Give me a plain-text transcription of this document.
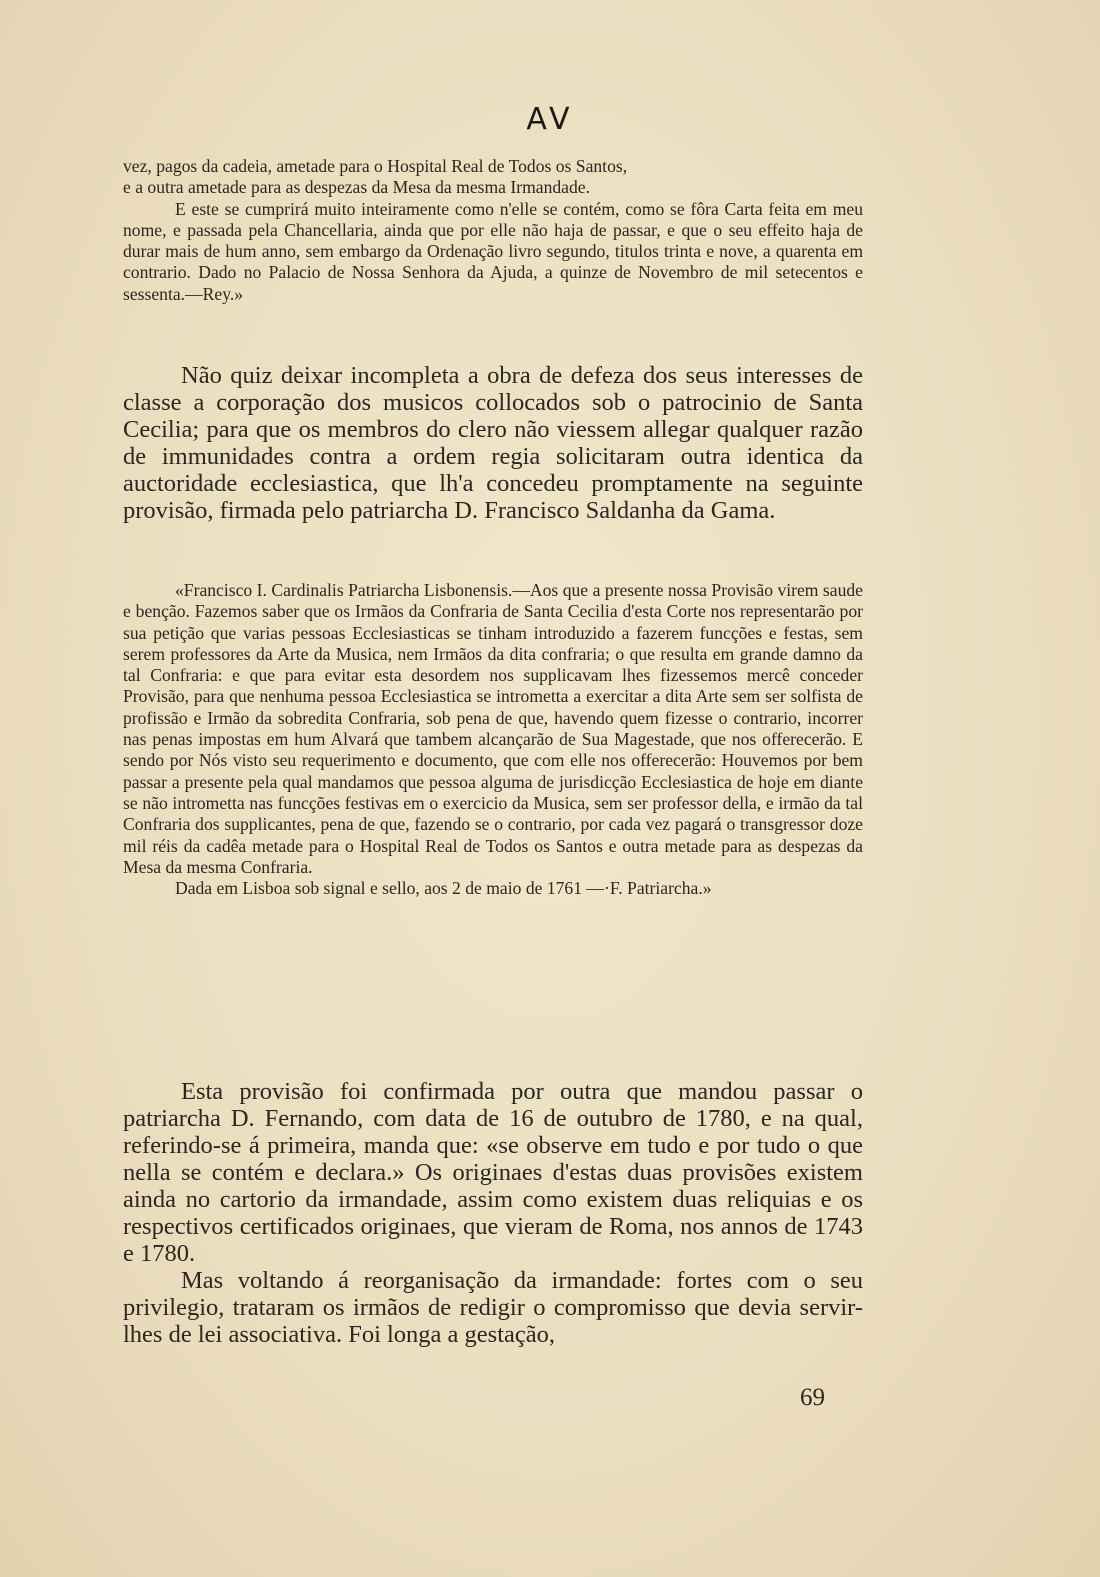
AV

vez, pagos da cadeia, ametade para o Hospital Real de Todos os Santos,

e a outra ametade para as despezas da Mesa da mesma Irmandade.

E este se cumprirá muito inteiramente como n'elle se contém, como se fôra Carta feita em meu nome, e passada pela Chancellaria, ainda que por elle não haja de passar, e que o seu effeito haja de durar mais de hum anno, sem embargo da Ordenação livro segundo, titulos trinta e nove, a quarenta em contrario. Dado no Palacio de Nossa Senhora da Ajuda, a quinze de Novembro de mil setecentos e sessenta.—Rey.»

Não quiz deixar incompleta a obra de defeza dos seus interesses de classe a corporação dos musicos collocados sob o patrocinio de Santa Cecilia; para que os membros do clero não viessem allegar qualquer razão de immunidades contra a ordem regia solicitaram outra identica da auctoridade ecclesiastica, que lh'a concedeu promptamente na seguinte provisão, firmada pelo patriarcha D. Francisco Saldanha da Gama.

«Francisco I. Cardinalis Patriarcha Lisbonensis.—Aos que a presente nossa Provisão virem saude e benção. Fazemos saber que os Irmãos da Confraria de Santa Cecilia d'esta Corte nos representarão por sua petição que varias pessoas Ecclesiasticas se tinham introduzido a fazerem funcções e festas, sem serem professores da Arte da Musica, nem Irmãos da dita confraria; o que resulta em grande damno da tal Confraria: e que para evitar esta desordem nos supplicavam lhes fizessemos mercê conceder Provisão, para que nenhuma pessoa Ecclesiastica se intrometta a exercitar a dita Arte sem ser solfista de profissão e Irmão da sobredita Confraria, sob pena de que, havendo quem fizesse o contrario, incorrer nas penas impostas em hum Alvará que tambem alcançarão de Sua Magestade, que nos offerecerão. E sendo por Nós visto seu requerimento e documento, que com elle nos offerecerão: Houvemos por bem passar a presente pela qual mandamos que pessoa alguma de jurisdicção Ecclesiastica de hoje em diante se não intrometta nas funcções festivas em o exercicio da Musica, sem ser professor della, e irmão da tal Confraria dos supplicantes, pena de que, fazendo se o contrario, por cada vez pagará o transgressor doze mil réis da cadêa metade para o Hospital Real de Todos os Santos e outra metade para as despezas da Mesa da mesma Confraria.

Dada em Lisboa sob signal e sello, aos 2 de maio de 1761 —·F. Patriarcha.»

Esta provisão foi confirmada por outra que mandou passar o patriarcha D. Fernando, com data de 16 de outubro de 1780, e na qual, referindo-se á primeira, manda que: «se observe em tudo e por tudo o que nella se contém e declara.» Os originaes d'estas duas provisões existem ainda no cartorio da irmandade, assim como existem duas reliquias e os respectivos certificados originaes, que vieram de Roma, nos annos de 1743 e 1780.

Mas voltando á reorganisação da irmandade: fortes com o seu privilegio, trataram os irmãos de redigir o compromisso que devia servir-lhes de lei associativa. Foi longa a gestação,

69
